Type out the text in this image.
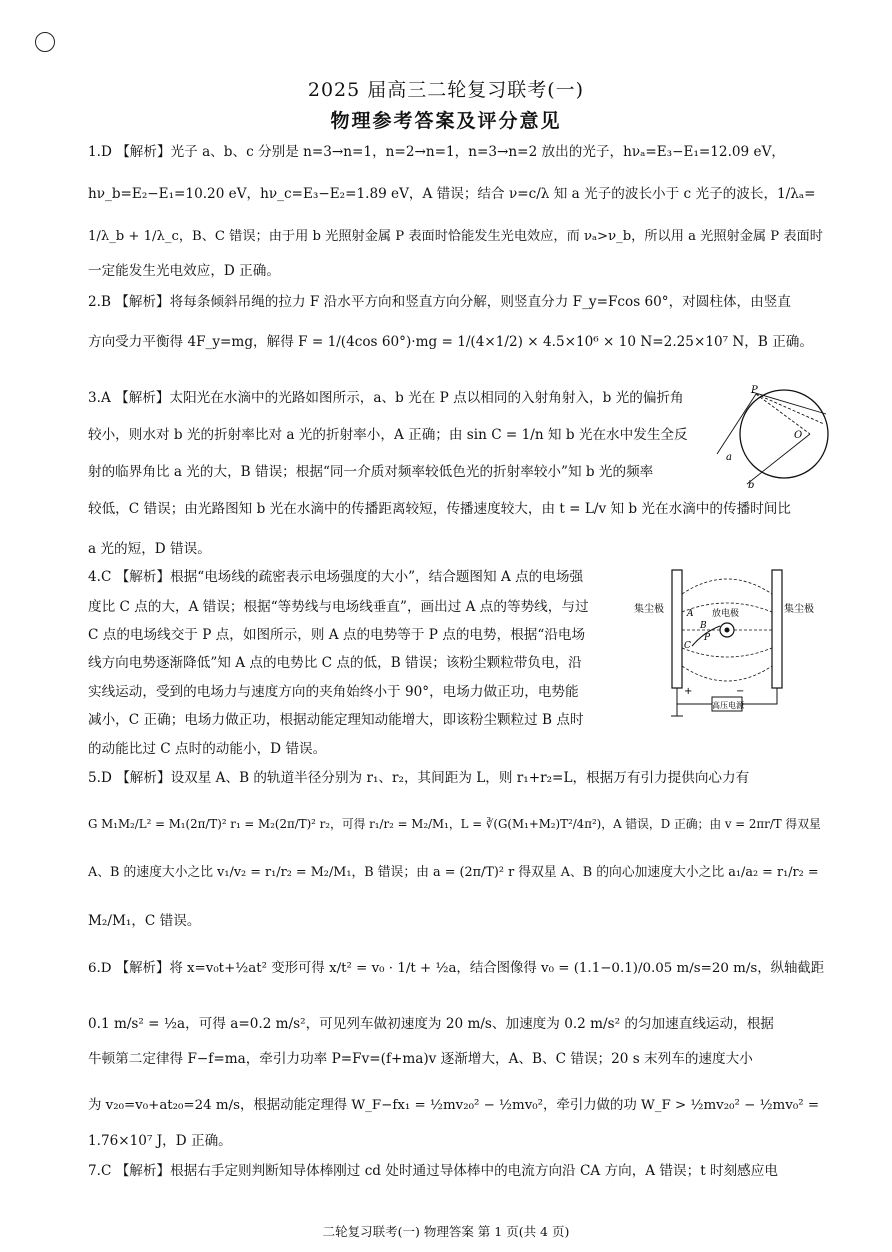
2025 届高三二轮复习联考(一)
物理参考答案及评分意见
1.D 【解析】光子 a、b、c 分别是 n=3→n=1，n=2→n=1，n=3→n=2 放出的光子，hνₐ=E₃−E₁=12.09 eV，
hν_b=E₂−E₁=10.20 eV，hν_c=E₃−E₂=1.89 eV，A 错误；结合 ν=c/λ 知 a 光子的波长小于 c 光子的波长，1/λₐ=
1/λ_b + 1/λ_c，B、C 错误；由于用 b 光照射金属 P 表面时恰能发生光电效应，而 νₐ>ν_b，所以用 a 光照射金属 P 表面时
一定能发生光电效应，D 正确。
2.B 【解析】将每条倾斜吊绳的拉力 F 沿水平方向和竖直方向分解，则竖直分力 F_y=Fcos 60°，对圆柱体，由竖直
方向受力平衡得 4F_y=mg，解得 F = 1/(4cos 60°)·mg = 1/(4×1/2) × 4.5×10⁶ × 10 N=2.25×10⁷ N，B 正确。
3.A 【解析】太阳光在水滴中的光路如图所示，a、b 光在 P 点以相同的入射角射入，b 光的偏折角
较小，则水对 b 光的折射率比对 a 光的折射率小，A 正确；由 sin C = 1/n 知 b 光在水中发生全反
射的临界角比 a 光的大，B 错误；根据“同一介质对频率较低色光的折射率较小”知 b 光的频率
较低，C 错误；由光路图知 b 光在水滴中的传播距离较短，传播速度较大，由 t = L/v 知 b 光在水滴中的传播时间比
a 光的短，D 错误。
4.C 【解析】根据“电场线的疏密表示电场强度的大小”，结合题图知 A 点的电场强
度比 C 点的大，A 错误；根据“等势线与电场线垂直”，画出过 A 点的等势线，与过
C 点的电场线交于 P 点，如图所示，则 A 点的电势等于 P 点的电势，根据“沿电场
线方向电势逐渐降低”知 A 点的电势比 C 点的低，B 错误；该粉尘颗粒带负电，沿
实线运动，受到的电场力与速度方向的夹角始终小于 90°，电场力做正功，电势能
减小，C 正确；电场力做正功，根据动能定理知动能增大，即该粉尘颗粒过 B 点时
的动能比过 C 点时的动能小，D 错误。
5.D 【解析】设双星 A、B 的轨道半径分别为 r₁、r₂，其间距为 L，则 r₁+r₂=L，根据万有引力提供向心力有
G M₁M₂/L² = M₁(2π/T)² r₁ = M₂(2π/T)² r₂，可得 r₁/r₂ = M₂/M₁，L = ∛(G(M₁+M₂)T²/4π²)，A 错误，D 正确；由 v = 2πr/T 得双星
A、B 的速度大小之比 v₁/v₂ = r₁/r₂ = M₂/M₁，B 错误；由 a = (2π/T)² r 得双星 A、B 的向心加速度大小之比 a₁/a₂ = r₁/r₂ =
M₂/M₁，C 错误。
6.D 【解析】将 x=v₀t+½at² 变形可得 x/t² = v₀ · 1/t + ½a，结合图像得 v₀ = (1.1−0.1)/0.05 m/s=20 m/s，纵轴截距
0.1 m/s² = ½a，可得 a=0.2 m/s²，可见列车做初速度为 20 m/s、加速度为 0.2 m/s² 的匀加速直线运动，根据
牛顿第二定律得 F−f=ma，牵引力功率 P=Fv=(f+ma)v 逐渐增大，A、B、C 错误；20 s 末列车的速度大小
为 v₂₀=v₀+at₂₀=24 m/s，根据动能定理得 W_F−fx₁ = ½mv₂₀² − ½mv₀²，牵引力做的功 W_F > ½mv₂₀² − ½mv₀² =
1.76×10⁷ J，D 正确。
7.C 【解析】根据右手定则判断知导体棒刚过 cd 处时通过导体棒中的电流方向沿 CA 方向，A 错误；t 时刻感应电
P
O
a
b
集尘极	集尘极
放电极
高压电源
A
B
C
P
+	−
二轮复习联考(一) 物理答案 第 1 页(共 4 页)
